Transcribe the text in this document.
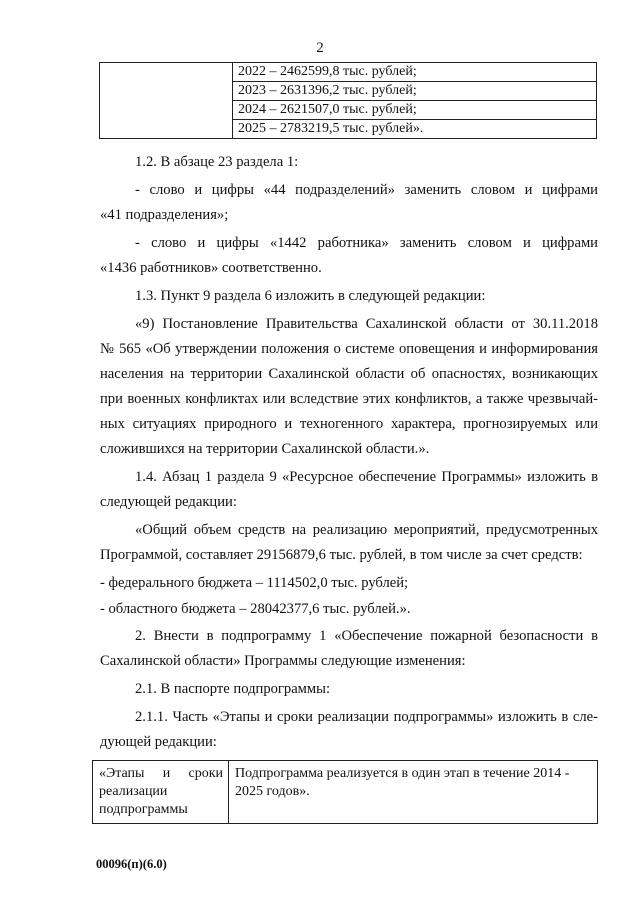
2

2022 – 2462599,8 тыс. рублей;
2023 – 2631396,2 тыс. рублей;
2024 – 2621507,0 тыс. рублей;
2025 – 2783219,5 тыс. рублей».

1.2. В абзаце 23 раздела 1:

- слово и цифры «44 подразделений» заменить словом и цифрами

«41 подразделения»;

- слово и цифры «1442 работника» заменить словом и цифрами

«1436 работников» соответственно.

1.3. Пункт 9 раздела 6 изложить в следующей редакции:

«9) Постановление Правительства Сахалинской области от 30.11.2018

№ 565 «Об утверждении положения о системе оповещения и информирования

населения на территории Сахалинской области об опасностях, возникающих

при военных конфликтах или вследствие этих конфликтов, а также чрезвычай-

ных ситуациях природного и техногенного характера, прогнозируемых или

сложившихся на территории Сахалинской области.».

1.4. Абзац 1 раздела 9 «Ресурсное обеспечение Программы» изложить в

следующей редакции:

«Общий объем средств на реализацию мероприятий, предусмотренных

Программой, составляет 29156879,6 тыс. рублей, в том числе за счет средств:

- федерального бюджета – 1114502,0 тыс. рублей;

- областного бюджета – 28042377,6 тыс. рублей.».

2. Внести в подпрограмму 1 «Обеспечение пожарной безопасности в

Сахалинской области» Программы следующие изменения:

2.1. В паспорте подпрограммы:

2.1.1. Часть «Этапы и сроки реализации подпрограммы» изложить в сле-

дующей редакции:

«Этапы и сроки
реализации
подпрограммы
	Подпрограмма реализуется в один этап в течение 2014 - 2025 годов».
00096(п)(6.0)
